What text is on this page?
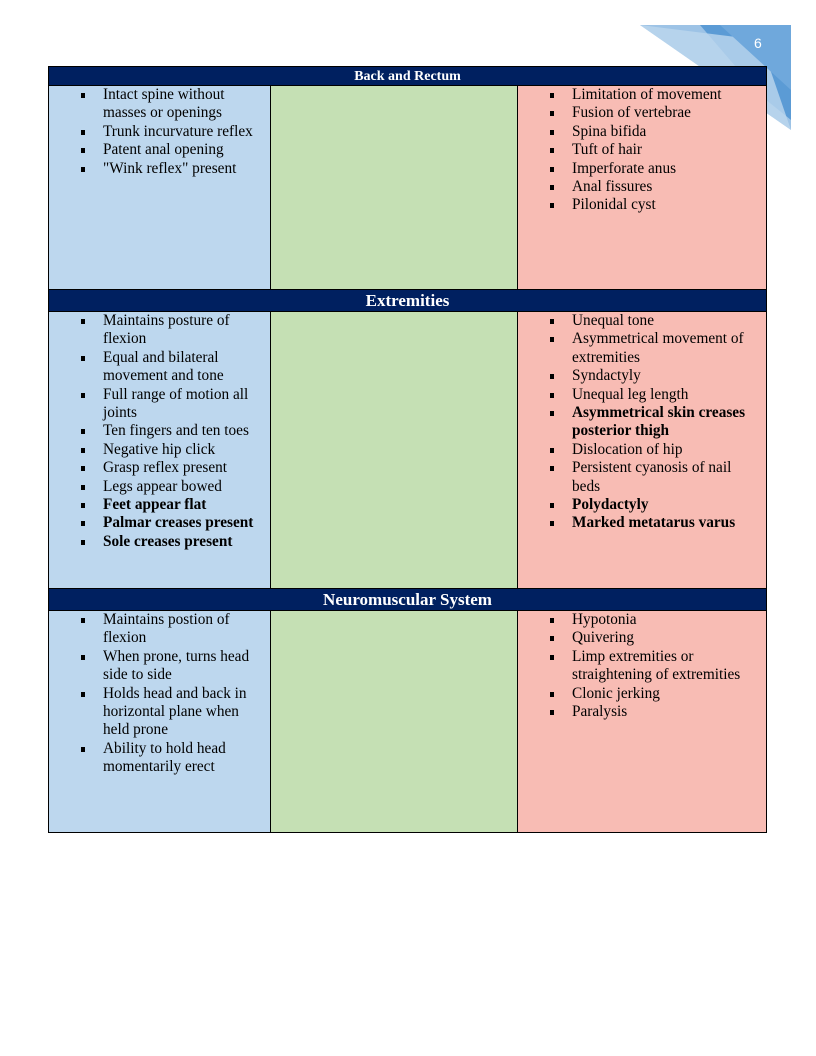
6
Back and Rectum
Intact spine without masses or openings
Trunk incurvature reflex
Patent anal opening
"Wink reflex" present
Limitation of movement
Fusion of vertebrae
Spina bifida
Tuft of hair
Imperforate anus
Anal fissures
Pilonidal cyst
Extremities
Maintains posture of flexion
Equal and bilateral movement and tone
Full range of motion all joints
Ten fingers and ten toes
Negative hip click
Grasp reflex present
Legs appear bowed
Feet appear flat
Palmar creases present
Sole creases present
Unequal tone
Asymmetrical movement of extremities
Syndactyly
Unequal leg length
Asymmetrical skin creases posterior thigh
Dislocation of hip
Persistent cyanosis of nail beds
Polydactyly
Marked metatarus varus
Neuromuscular System
Maintains postion of flexion
When prone, turns head side to side
Holds head and back in horizontal plane when held prone
Ability to hold head momentarily erect
Hypotonia
Quivering
Limp extremities or straightening of extremities
Clonic jerking
Paralysis
